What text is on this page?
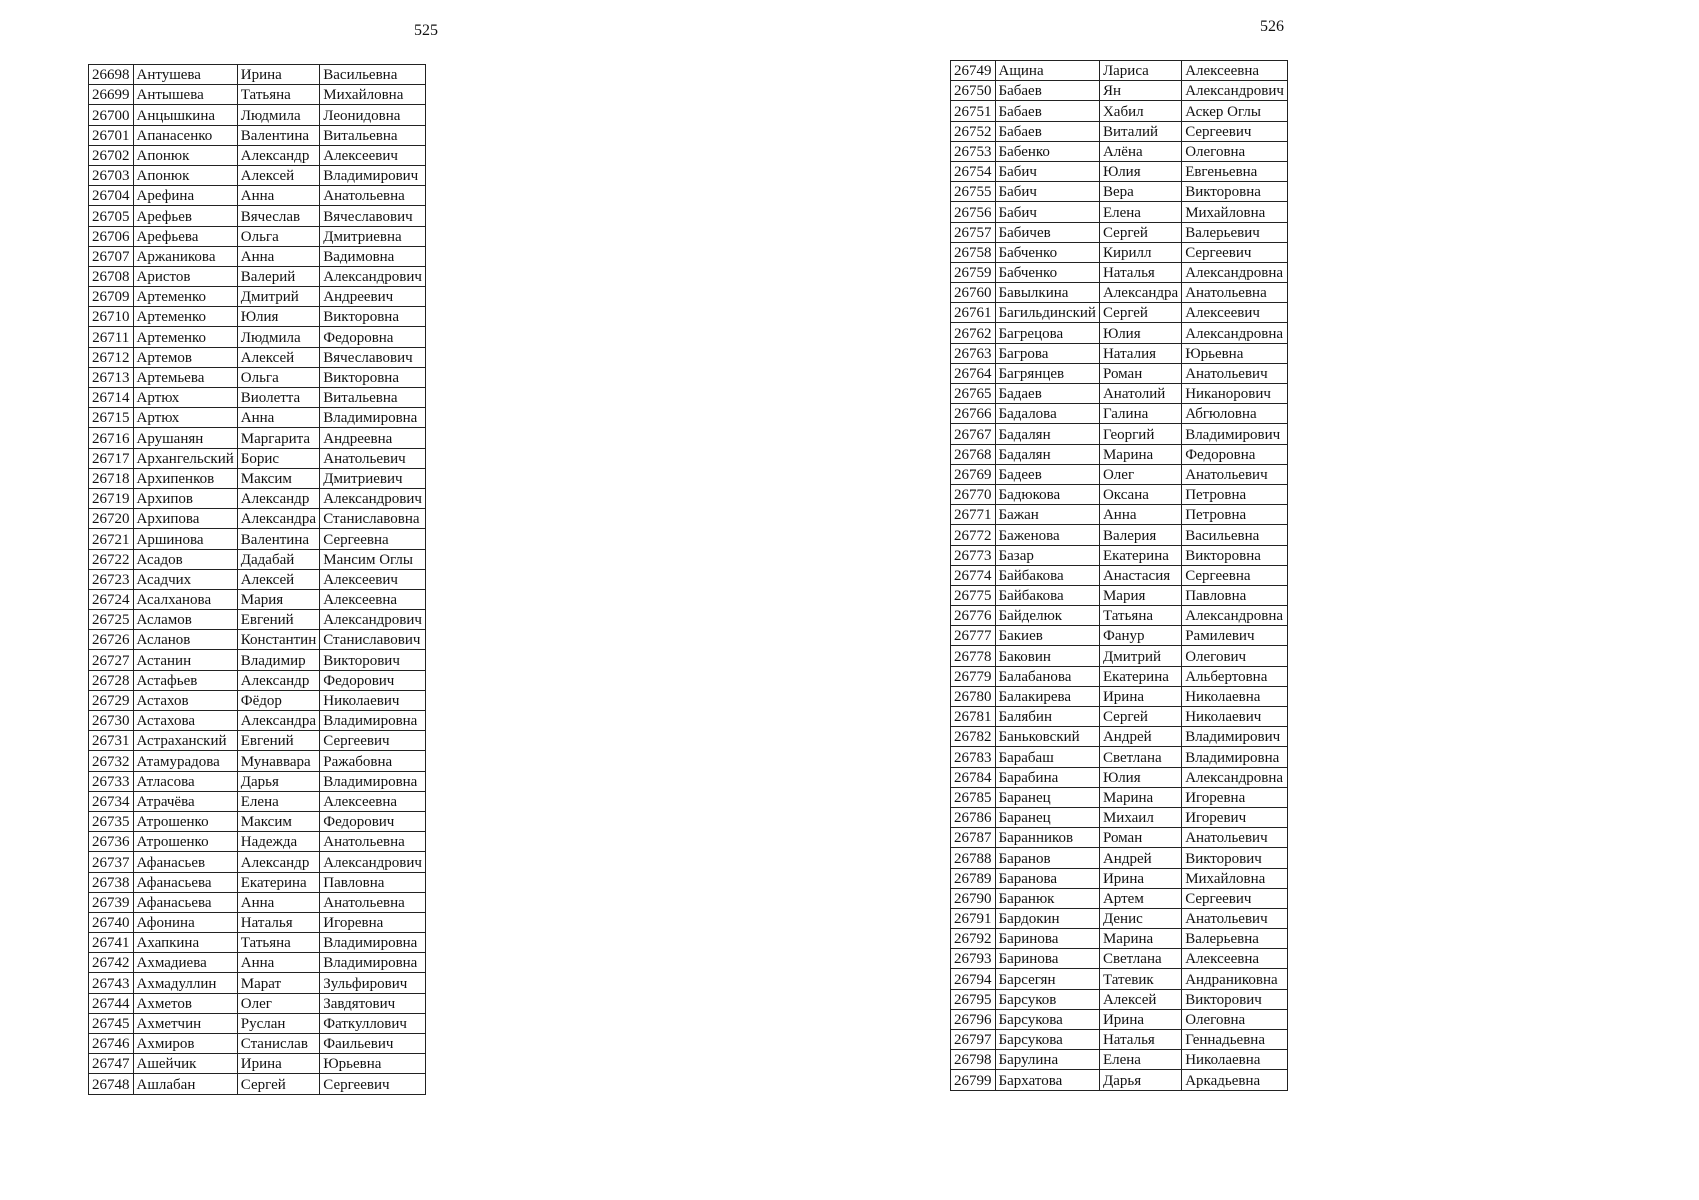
525
26698	Антушева	Ирина	Васильевна
26699	Антышева	Татьяна	Михайловна
26700	Анцышкина	Людмила	Леонидовна
26701	Апанасенко	Валентина	Витальевна
26702	Апонюк	Александр	Алексеевич
26703	Апонюк	Алексей	Владимирович
26704	Арефина	Анна	Анатольевна
26705	Арефьев	Вячеслав	Вячеславович
26706	Арефьева	Ольга	Дмитриевна
26707	Аржаникова	Анна	Вадимовна
26708	Аристов	Валерий	Александрович
26709	Артеменко	Дмитрий	Андреевич
26710	Артеменко	Юлия	Викторовна
26711	Артеменко	Людмила	Федоровна
26712	Артемов	Алексей	Вячеславович
26713	Артемьева	Ольга	Викторовна
26714	Артюх	Виолетта	Витальевна
26715	Артюх	Анна	Владимировна
26716	Арушанян	Маргарита	Андреевна
26717	Архангельский	Борис	Анатольевич
26718	Архипенков	Максим	Дмитриевич
26719	Архипов	Александр	Александрович
26720	Архипова	Александра	Станиславовна
26721	Аршинова	Валентина	Сергеевна
26722	Асадов	Дадабай	Мансим Оглы
26723	Асадчих	Алексей	Алексеевич
26724	Асалханова	Мария	Алексеевна
26725	Асламов	Евгений	Александрович
26726	Асланов	Константин	Станиславович
26727	Астанин	Владимир	Викторович
26728	Астафьев	Александр	Федорович
26729	Астахов	Фёдор	Николаевич
26730	Астахова	Александра	Владимировна
26731	Астраханский	Евгений	Сергеевич
26732	Атамурадова	Мунаввара	Ражабовна
26733	Атласова	Дарья	Владимировна
26734	Атрачёва	Елена	Алексеевна
26735	Атрошенко	Максим	Федорович
26736	Атрошенко	Надежда	Анатольевна
26737	Афанасьев	Александр	Александрович
26738	Афанасьева	Екатерина	Павловна
26739	Афанасьева	Анна	Анатольевна
26740	Афонина	Наталья	Игоревна
26741	Ахапкина	Татьяна	Владимировна
26742	Ахмадиева	Анна	Владимировна
26743	Ахмадуллин	Марат	Зульфирович
26744	Ахметов	Олег	Завдятович
26745	Ахметчин	Руслан	Фаткуллович
26746	Ахмиров	Станислав	Фаильевич
26747	Ашейчик	Ирина	Юрьевна
26748	Ашлабан	Сергей	Сергеевич
526
26749	Ащина	Лариса	Алексеевна
26750	Бабаев	Ян	Александрович
26751	Бабаев	Хабил	Аскер Оглы
26752	Бабаев	Виталий	Сергеевич
26753	Бабенко	Алёна	Олеговна
26754	Бабич	Юлия	Евгеньевна
26755	Бабич	Вера	Викторовна
26756	Бабич	Елена	Михайловна
26757	Бабичев	Сергей	Валерьевич
26758	Бабченко	Кирилл	Сергеевич
26759	Бабченко	Наталья	Александровна
26760	Бавылкина	Александра	Анатольевна
26761	Багильдинский	Сергей	Алексеевич
26762	Багрецова	Юлия	Александровна
26763	Багрова	Наталия	Юрьевна
26764	Багрянцев	Роман	Анатольевич
26765	Бадаев	Анатолий	Никанорович
26766	Бадалова	Галина	Абгюловна
26767	Бадалян	Георгий	Владимирович
26768	Бадалян	Марина	Федоровна
26769	Бадеев	Олег	Анатольевич
26770	Бадюкова	Оксана	Петровна
26771	Бажан	Анна	Петровна
26772	Баженова	Валерия	Васильевна
26773	Базар	Екатерина	Викторовна
26774	Байбакова	Анастасия	Сергеевна
26775	Байбакова	Мария	Павловна
26776	Байделюк	Татьяна	Александровна
26777	Бакиев	Фанур	Рамилевич
26778	Баковин	Дмитрий	Олегович
26779	Балабанова	Екатерина	Альбертовна
26780	Балакирева	Ирина	Николаевна
26781	Балябин	Сергей	Николаевич
26782	Баньковский	Андрей	Владимирович
26783	Барабаш	Светлана	Владимировна
26784	Барабина	Юлия	Александровна
26785	Баранец	Марина	Игоревна
26786	Баранец	Михаил	Игоревич
26787	Баранников	Роман	Анатольевич
26788	Баранов	Андрей	Викторович
26789	Баранова	Ирина	Михайловна
26790	Баранюк	Артем	Сергеевич
26791	Бардокин	Денис	Анатольевич
26792	Баринова	Марина	Валерьевна
26793	Баринова	Светлана	Алексеевна
26794	Барсегян	Татевик	Андраниковна
26795	Барсуков	Алексей	Викторович
26796	Барсукова	Ирина	Олеговна
26797	Барсукова	Наталья	Геннадьевна
26798	Барулина	Елена	Николаевна
26799	Бархатова	Дарья	Аркадьевна
